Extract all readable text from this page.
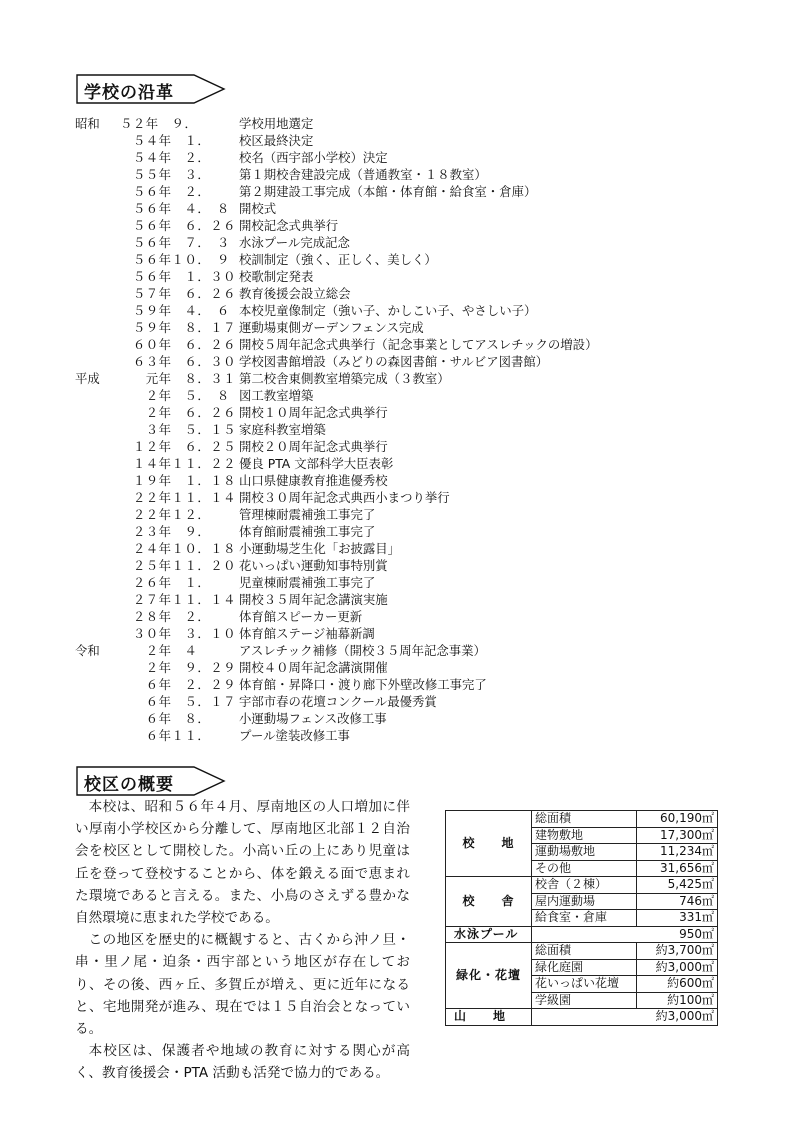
学校の沿革
昭和 ５２年　９．	学校用地選定
　５４年　１． 校区最終決定
　５４年　２． 校名（西宇部小学校）決定
　５５年　３． 第１期校舎建設完成（普通教室・１８教室）
　５６年　２． 第２期建設工事完成（本館・体育館・給食室・倉庫）
　５６年　４．　８ 開校式
　５６年　６．２６ 開校記念式典挙行
　５６年　７．　３ 水泳プール完成記念
　５６年１０．　９ 校訓制定（強く、正しく、美しく）
　５６年　１．３０ 校歌制定発表
　５７年　６．２６ 教育後援会設立総会
　５９年　４．　６ 本校児童像制定（強い子、かしこい子、やさしい子）
　５９年　８．１７ 運動場東側ガーデンフェンス完成
　６０年　６．２６ 開校５周年記念式典挙行（記念事業としてアスレチックの増設）
　６３年　６．３０ 学校図書館増設（みどりの森図書館・サルビア図書館）
平成 　　元年　８．３１ 第二校舎東側教室増築完成（３教室）
　　２年　５．　８ 図工教室増築
　　２年　６．２６ 開校１０周年記念式典挙行
　　３年　５．１５ 家庭科教室増築
　１２年　６．２５ 開校２０周年記念式典挙行
　１４年１１．２２ 優良 PTA 文部科学大臣表彰
　１９年　１．１８ 山口県健康教育推進優秀校
　２２年１１．１４ 開校３０周年記念式典西小まつり挙行
　２２年１２． 管理棟耐震補強工事完了
　２３年　９． 体育館耐震補強工事完了
　２４年１０．１８ 小運動場芝生化「お披露目」
　２５年１１．２０ 花いっぱい運動知事特別賞
　２６年　１． 児童棟耐震補強工事完了
　２７年１１．１４ 開校３５周年記念講演実施
　２８年　２． 体育館スピーカー更新
　３０年　３．１０ 体育館ステージ袖幕新調
令和 　　２年　４	アスレチック補修（開校３５周年記念事業）
　　２年　９．２９ 開校４０周年記念講演開催
　　６年　２．２９ 体育館・昇降口・渡り廊下外壁改修工事完了
　　６年　５．１７ 宇部市春の花壇コンクール最優秀賞
　　６年　８． 小運動場フェンス改修工事
　　６年１１． プール塗装改修工事
校区の概要

本校は、昭和５６年４月、厚南地区の人口増加に伴い厚南小学校区から分離して、厚南地区北部１２自治会を校区として開校した。小高い丘の上にあり児童は丘を登って登校することから、体を鍛える面で恵まれた環境であると言える。また、小鳥のさえずる豊かな自然環境に恵まれた学校である。

この地区を歴史的に概観すると、古くから沖ノ旦・串・里ノ尾・迫条・西宇部という地区が存在しており、その後、西ヶ丘、多賀丘が増え、更に近年になると、宅地開発が進み、現在では１５自治会となっている。

本校区は、保護者や地域の教育に対する関心が高く、教育後援会・PTA 活動も活発で協力的である。

校　　地	総面積	60,190㎡
	建物敷地	17,300㎡
	運動場敷地	11,234㎡
	その他	31,656㎡
校　　舎	校舎（２棟）	5,425㎡
	屋内運動場	746㎡
	給食室・倉庫	331㎡
水泳プール	950㎡	
緑化・花壇	総面積	約3,700㎡
	緑化庭園	約3,000㎡
	花いっぱい花壇	約600㎡
	学級園	約100㎡
山　　地	約3,000㎡	
